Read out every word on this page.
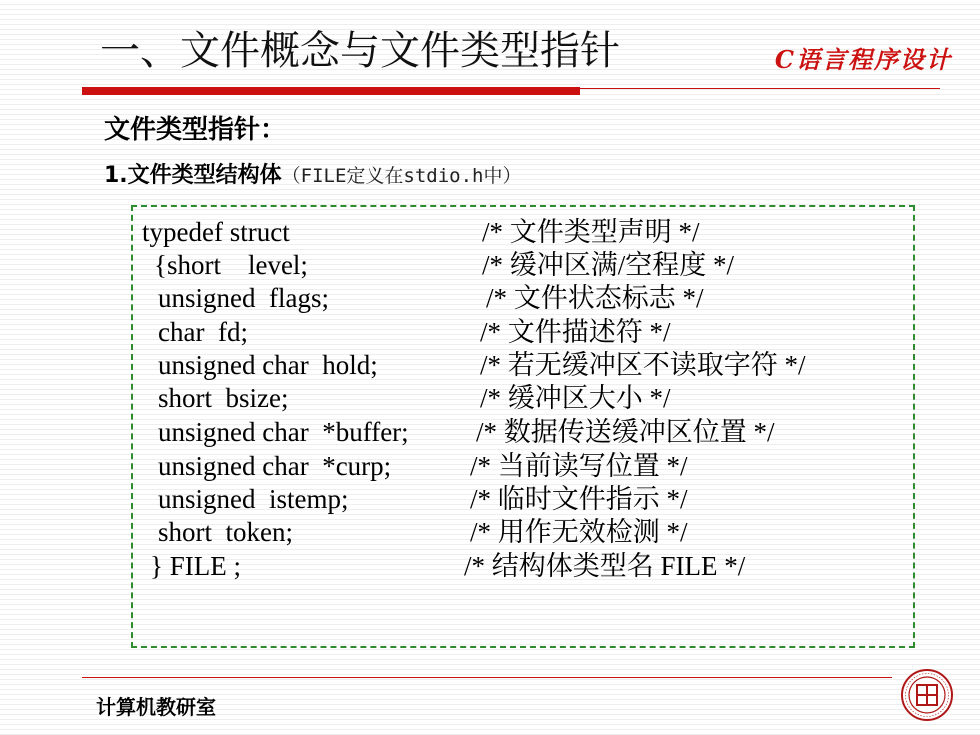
一、文件概念与文件类型指针	C语言程序设计
文件类型指针：
1.文件类型结构体（FILE定义在stdio.h中）
typedef struct
{short    level;
unsigned  flags;
char  fd;
unsigned char  hold;
short  bsize;
unsigned char  *buffer;
unsigned char  *curp;
unsigned  istemp;
short  token;
} FILE ;
/* 文件类型声明 */
/* 缓冲区满/空程度 */
/* 文件状态标志 */
/* 文件描述符 */
/* 若无缓冲区不读取字符 */
/* 缓冲区大小 */
/* 数据传送缓冲区位置 */
/* 当前读写位置 */
/* 临时文件指示 */
/* 用作无效检测 */
/* 结构体类型名 FILE */
计算机教研室
